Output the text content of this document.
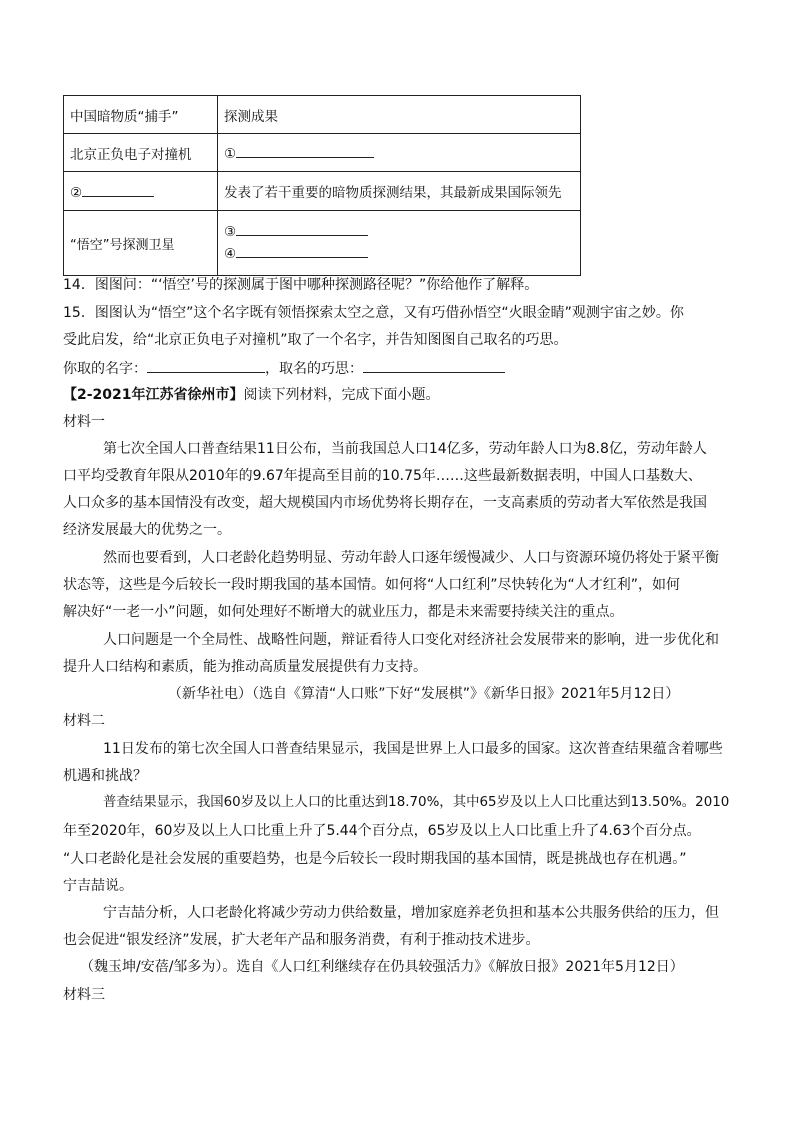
中国暗物质“捕手”	探测成果
北京正负电子对撞机	①
②	发表了若干重要的暗物质探测结果，其最新成果国际领先
“悟空”号探测卫星	③
④
14．图图问：“‘悟空’号的探测属于图中哪种探测路径呢？”你给他作了解释。
15．图图认为“悟空”这个名字既有领悟探索太空之意，又有巧借孙悟空“火眼金睛”观测宇宙之妙。你
受此启发，给“北京正负电子对撞机”取了一个名字，并告知图图自己取名的巧思。
你取的名字：	，取名的巧思：
【2-2021年江苏省徐州市】阅读下列材料，完成下面小题。
材料一
第七次全国人口普查结果11日公布，当前我国总人口14亿多，劳动年龄人口为8.8亿，劳动年龄人
口平均受教育年限从2010年的9.67年提高至目前的10.75年……这些最新数据表明，中国人口基数大、
人口众多的基本国情没有改变，超大规模国内市场优势将长期存在，一支高素质的劳动者大军依然是我国
经济发展最大的优势之一。
然而也要看到，人口老龄化趋势明显、劳动年龄人口逐年缓慢减少、人口与资源环境仍将处于紧平衡
状态等，这些是今后较长一段时期我国的基本国情。如何将“人口红利”尽快转化为“人才红利”，如何
解决好“一老一小”问题，如何处理好不断增大的就业压力，都是未来需要持续关注的重点。
人口问题是一个全局性、战略性问题，辩证看待人口变化对经济社会发展带来的影响，进一步优化和
提升人口结构和素质，能为推动高质量发展提供有力支持。
（新华社电）（选自《算清“人口账”下好“发展棋”》《新华日报》2021年5月12日）
材料二
11日发布的第七次全国人口普查结果显示，我国是世界上人口最多的国家。这次普查结果蕴含着哪些
机遇和挑战？
普查结果显示，我国60岁及以上人口的比重达到18.70%，其中65岁及以上人口比重达到13.50%。2010
年至2020年，60岁及以上人口比重上升了5.44个百分点，65岁及以上人口比重上升了4.63个百分点。
“人口老龄化是社会发展的重要趋势，也是今后较长一段时期我国的基本国情，既是挑战也存在机遇。”
宁吉喆说。
宁吉喆分析，人口老龄化将减少劳动力供给数量，增加家庭养老负担和基本公共服务供给的压力，但
也会促进“银发经济”发展，扩大老年产品和服务消费，有利于推动技术进步。
（魏玉坤/安蓓/邹多为）。选自《人口红利继续存在仍具较强活力》《解放日报》2021年5月12日）
材料三
